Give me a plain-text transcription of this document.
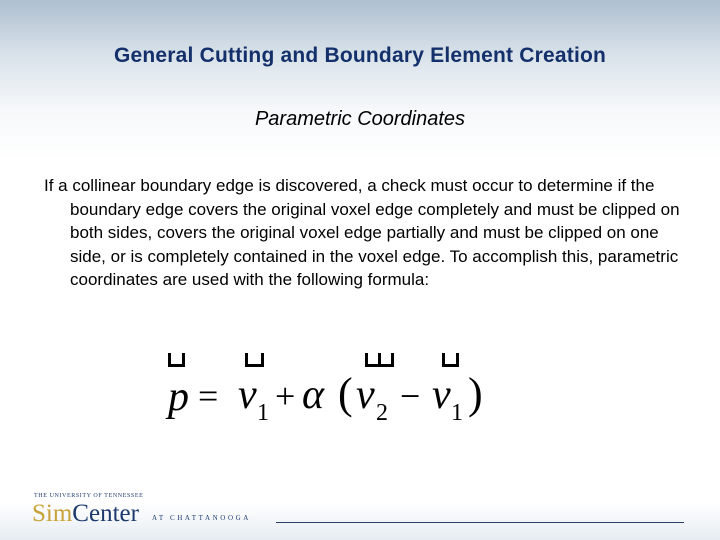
General Cutting and Boundary Element Creation
Parametric Coordinates
If a collinear boundary edge is discovered, a check must occur to determine if the boundary edge covers the original voxel edge completely and must be clipped on both sides, covers the original voxel edge partially and must be clipped on one side, or is completely contained in the voxel edge. To accomplish this, parametric coordinates are used with the following formula:
p = v 1 + α ( v 2 − v 1 )
THE UNIVERSITY OF TENNESSEE
SimCenter AT CHATTANOOGA
